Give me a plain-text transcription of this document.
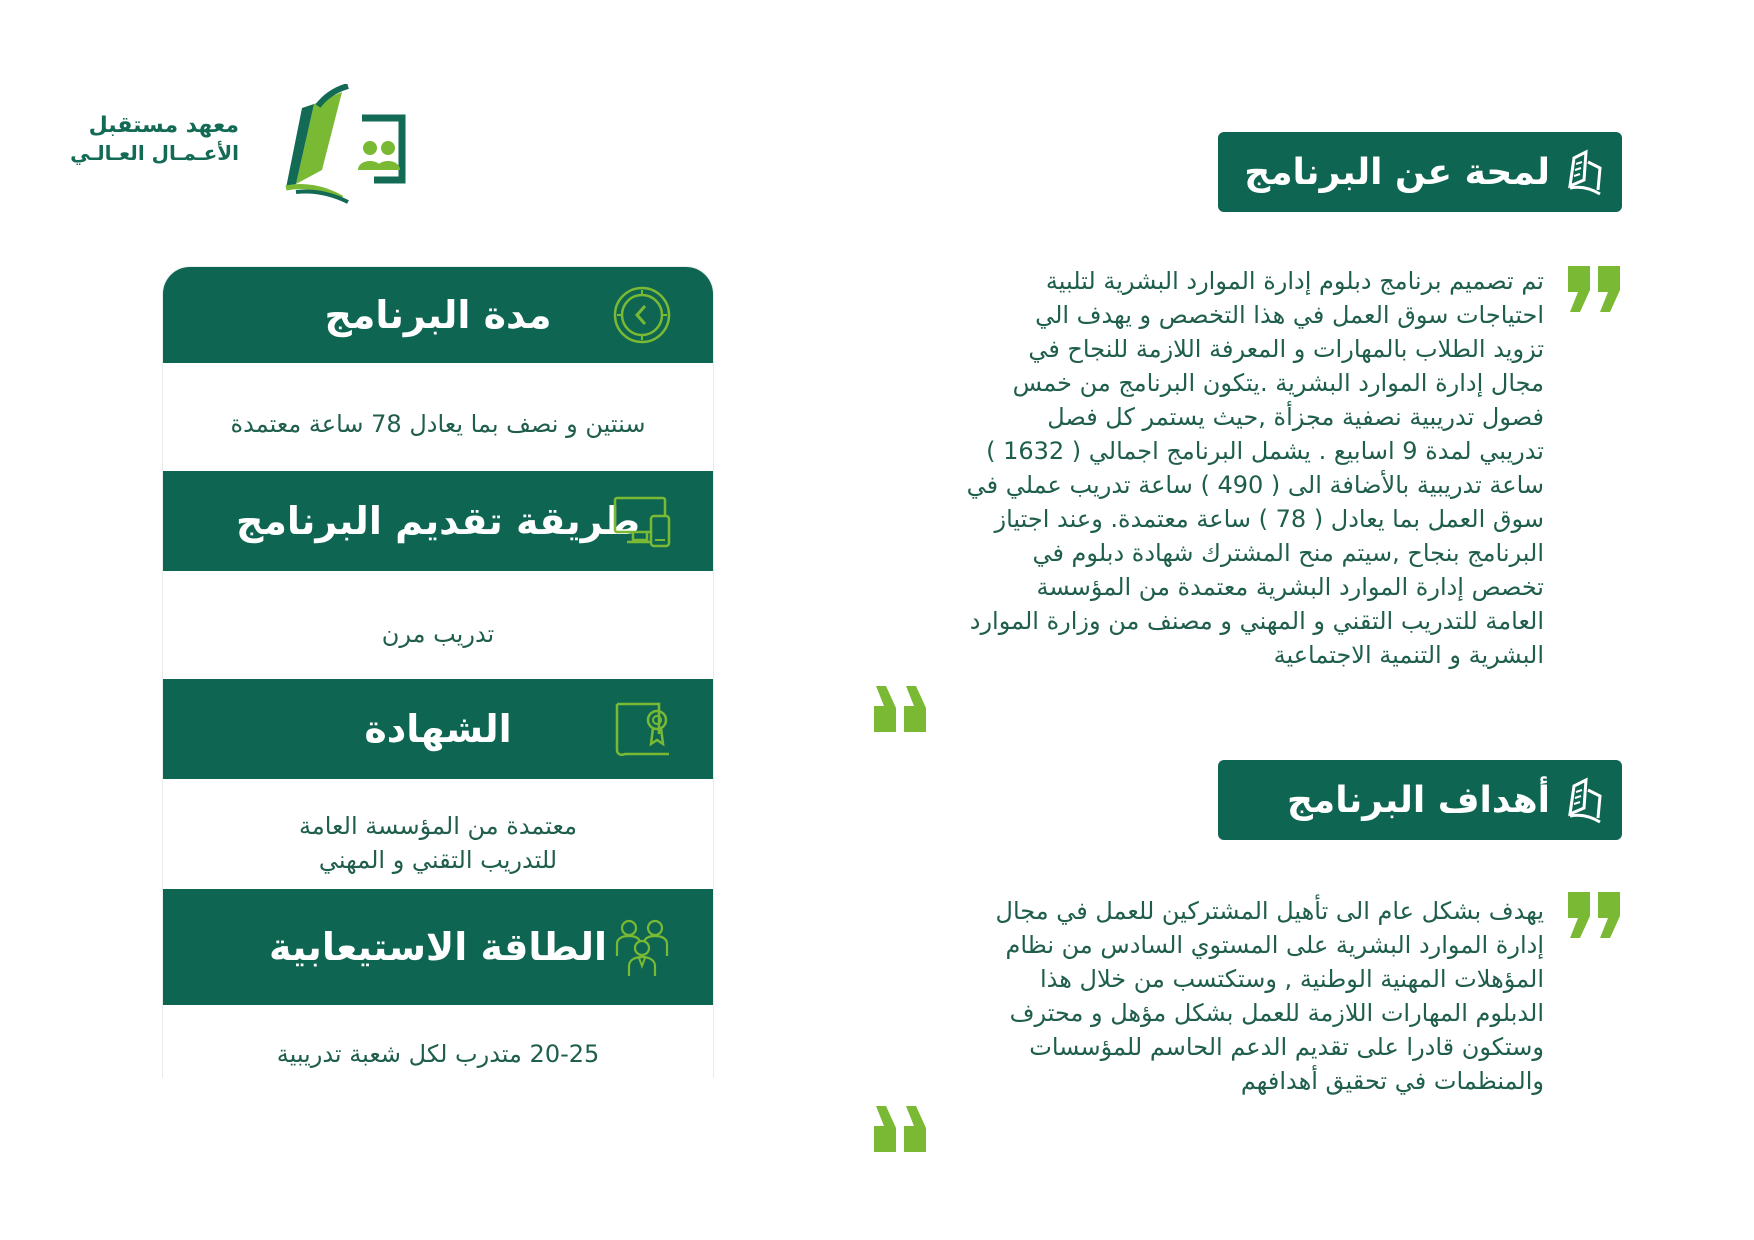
معهد مستقبل
الأعـمـال العـالـي	لمحة عن البرنامج
تم تصميم برنامج دبلوم إدارة الموارد البشرية لتلبية
احتياجات سوق العمل في هذا التخصص و يهدف الي
تزويد الطلاب بالمهارات و المعرفة اللازمة للنجاح في
مجال إدارة الموارد البشرية .يتكون البرنامج من خمس
فصول تدريبية نصفية مجزأة ,حيث يستمر كل فصل
تدريبي لمدة 9 اسابيع . يشمل البرنامج اجمالي ( 1632 )
ساعة تدريبية بالأضافة الى ( 490 ) ساعة تدريب عملي في
سوق العمل بما يعادل ( 78 ) ساعة معتمدة. وعند اجتياز
البرنامج بنجاح ,سيتم منح المشترك شهادة دبلوم في
تخصص إدارة الموارد البشرية معتمدة من المؤسسة
العامة للتدريب التقني و المهني و مصنف من وزارة الموارد
البشرية و التنمية الاجتماعية
أهداف البرنامج
يهدف بشكل عام الى تأهيل المشتركين للعمل في مجال
إدارة الموارد البشرية على المستوي السادس من نظام
المؤهلات المهنية الوطنية , وستكتسب من خلال هذا
الدبلوم المهارات اللازمة للعمل بشكل مؤهل و محترف
وستكون قادرا على تقديم الدعم الحاسم للمؤسسات
والمنظمات في تحقيق أهدافهم
مدة البرنامج
سنتين و نصف بما يعادل 78 ساعة معتمدة
طريقة تقديم البرنامج
تدريب مرن
الشهادة
معتمدة من المؤسسة العامة
للتدريب التقني و المهني
الطاقة الاستيعابية
20-25 متدرب لكل شعبة تدريبية
